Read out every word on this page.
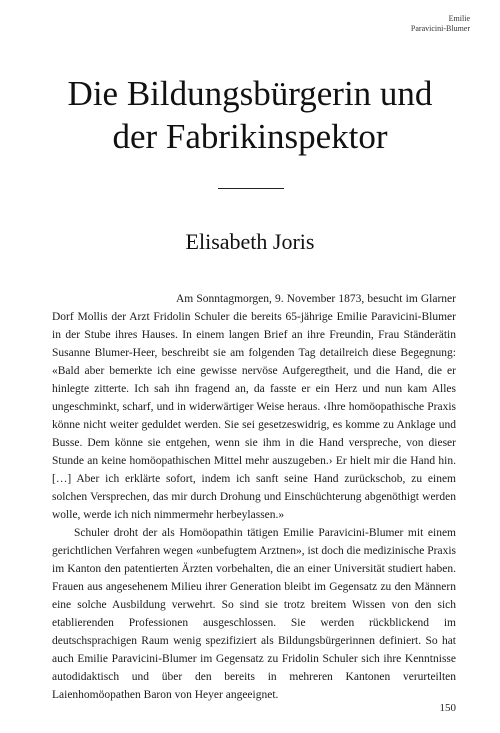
Emilie
Paravicini-Blumer
Die Bildungsbürgerin und
der Fabrikinspektor
Elisabeth Joris

Am Sonntagmorgen, 9. November 1873, besucht im Glarner Dorf Mollis der Arzt Fridolin Schuler die bereits 65-jährige Emilie Paravicini-Blumer in der Stube ihres Hauses. In einem langen Brief an ihre Freundin, Frau Ständerätin Susanne Blumer-Heer, beschreibt sie am folgenden Tag detailreich diese Begegnung: «Bald aber bemerkte ich eine gewisse nervöse Aufgeregtheit, und die Hand, die er hinlegte zitterte. Ich sah ihn fragend an, da fasste er ein Herz und nun kam Alles ungeschminkt, scharf, und in widerwärtiger Weise heraus. ‹Ihre homöopathische Praxis könne nicht weiter geduldet werden. Sie sei gesetzeswidrig, es komme zu Anklage und Busse. Dem könne sie entgehen, wenn sie ihm in die Hand verspreche, von dieser Stunde an keine homöopathischen Mittel mehr auszugeben.› Er hielt mir die Hand hin. […] Aber ich erklärte sofort, indem ich sanft seine Hand zurückschob, zu einem solchen Versprechen, das mir durch Drohung und Einschüchterung abgenöthigt werden wolle, werde ich nich nimmermehr herbeylassen.»

Schuler droht der als Homöopathin tätigen Emilie Paravicini-Blumer mit einem gerichtlichen Verfahren wegen «unbefugtem Arztnen», ist doch die medizinische Praxis im Kanton den patentierten Ärzten vorbehalten, die an einer Universität studiert haben. Frauen aus angesehenem Milieu ihrer Generation bleibt im Gegensatz zu den Männern eine solche Ausbildung verwehrt. So sind sie trotz breitem Wissen von den sich etablierenden Professionen ausgeschlossen. Sie werden rückblickend im deutschsprachigen Raum wenig spezifiziert als Bildungsbürgerinnen definiert. So hat auch Emilie Paravicini-Blumer im Gegensatz zu Fridolin Schuler sich ihre Kenntnisse autodidaktisch und über den bereits in mehreren Kantonen verurteilten Laienhomöopathen Baron von Heyer angeeignet.

150
